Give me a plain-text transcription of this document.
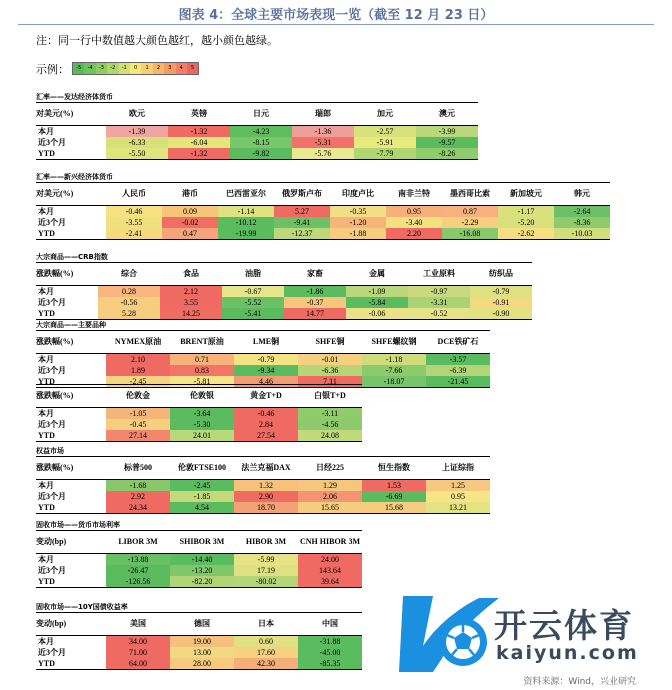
图表 4：全球主要市场表现一览（截至 12 月 23 日）
注：同一行中数值越大颜色越红，越小颜色越绿。
示例：	-5	-4	-3	-2	-1	0	1	2	3	4	5
汇率——发达经济体货币
对美元(%)	欧元	英镑	日元	瑞郎	加元	澳元
本月	-1.39	-1.32	-4.23	-1.36	-2.57	-3.99
近3个月	-6.33	-6.04	-8.15	-5.31	-5.91	-9.57
YTD	-5.50	-1.32	-9.82	-5.76	-7.79	-8.26
汇率——新兴经济体货币
对美元(%)	人民币	港币	巴西雷亚尔	俄罗斯卢布	印度卢比	南非兰特	墨西哥比索	新加坡元	韩元
本月	-0.46	0.09	-1.14	5.27	-0.35	0.95	0.87	-1.17	-2.64
近3个月	-3.55	-0.02	-10.12	-9.41	-1.20	-3.40	-2.29	-5.20	-8.36
YTD	-2.41	0.47	-19.99	-12.37	-1.88	2.20	-16.08	-2.62	-10.03
大宗商品——CRB指数
涨跌幅(%)	综合	食品	油脂	家畜	金属	工业原料	纺织品
本月	0.28	2.12	-0.67	-1.86	-1.09	-0.97	-0.79
近3个月	-0.56	3.55	-5.52	-0.37	-5.84	-3.31	-0.91
YTD	5.28	14.25	-5.41	14.77	-0.06	-0.52	-0.90
大宗商品——主要品种
涨跌幅(%)	NYMEX原油	BRENT原油	LME铜	SHFE铜	SHFE螺纹钢	DCE铁矿石
本月	2.10	0.71	-0.79	-0.01	-1.18	-3.57
近3个月	1.89	0.83	-9.34	-6.36	-7.66	-6.39
YTD	-2.45	-5.81	4.46	7.11	-18.07	-21.45
涨跌幅(%)	伦敦金	伦敦银	黄金T+D	白银T+D
本月	-1.05	-3.64	-0.46	-3.11
近3个月	-0.45	-5.30	2.84	-4.56
YTD	27.14	24.01	27.54	24.08
权益市场
涨跌幅(%)	标普500	伦敦FTSE100	法兰克福DAX	日经225	恒生指数	上证综指
本月	-1.68	-2.45	1.32	1.29	1.53	1.25
近3个月	2.92	-1.85	2.90	2.06	-6.69	0.95
YTD	24.34	4.54	18.70	15.65	15.68	13.21
固收市场——货币市场利率
变动(bp)	LIBOR 3M	SHIBOR 3M	HIBOR 3M	CNH HIBOR 3M
本月	-13.88	-14.40	-5.99	24.00
近3个月	-26.47	-13.20	17.19	143.64
YTD	-126.56	-82.20	-80.02	39.64
固收市场——10Y国债收益率
变动(bp)	美国	德国	日本	中国
本月	34.00	19.00	0.60	-31.88
近3个月	71.00	13.00	17.60	-45.00
YTD	64.00	28.00	42.30	-85.35
开云体育
kaiyun.com
资料来源：Wind，兴业研究
